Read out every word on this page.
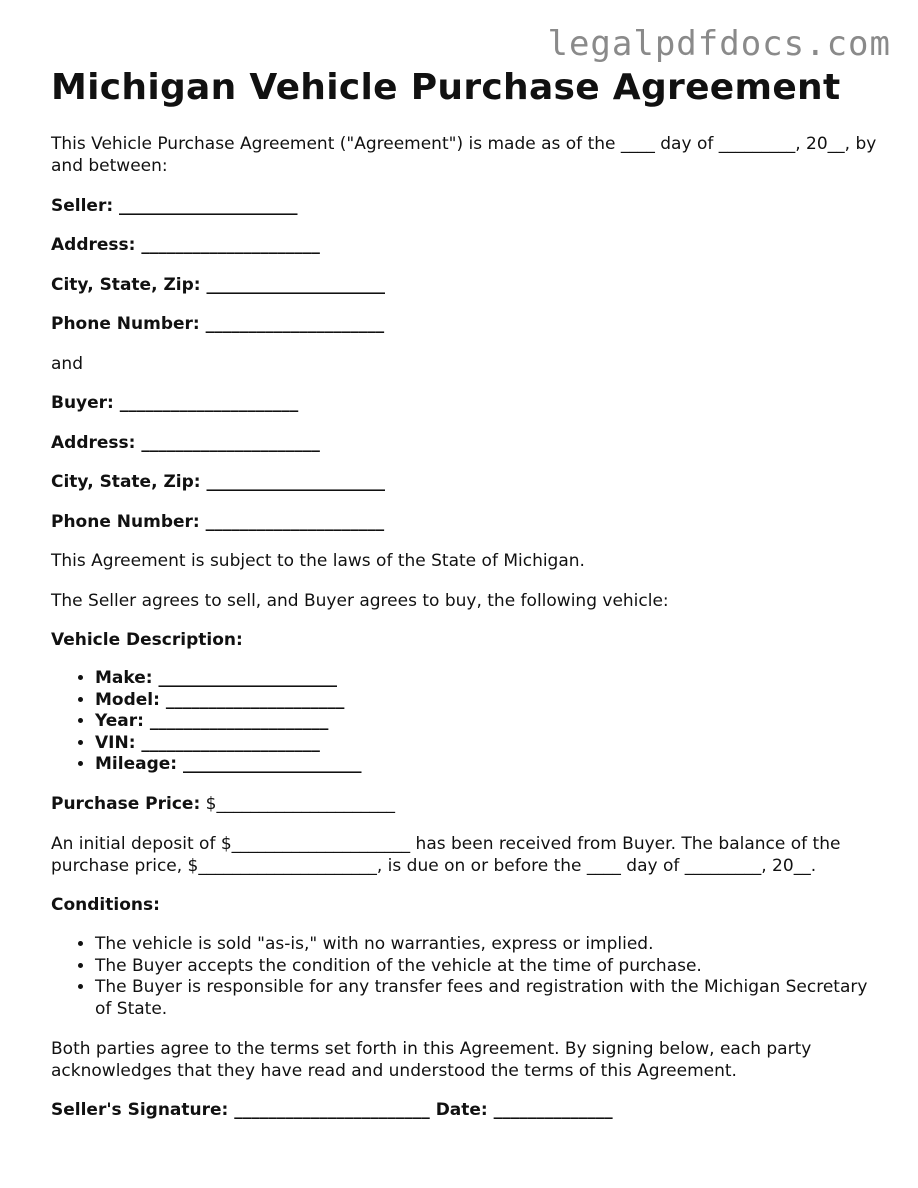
legalpdfdocs.com
Michigan Vehicle Purchase Agreement

This Vehicle Purchase Agreement ("Agreement") is made as of the ____ day of _________, 20__, by and between:

Seller: _____________________

Address: _____________________

City, State, Zip: _____________________

Phone Number: _____________________

and

Buyer: _____________________

Address: _____________________

City, State, Zip: _____________________

Phone Number: _____________________

This Agreement is subject to the laws of the State of Michigan.

The Seller agrees to sell, and Buyer agrees to buy, the following vehicle:

Vehicle Description:

• Make: _____________________
• Model: _____________________
• Year: _____________________
• VIN: _____________________
• Mileage: _____________________

Purchase Price: $_____________________

An initial deposit of $_____________________ has been received from Buyer. The balance of the purchase price, $_____________________, is due on or before the ____ day of _________, 20__.

Conditions:

• The vehicle is sold "as-is," with no warranties, express or implied.
• The Buyer accepts the condition of the vehicle at the time of purchase.
• The Buyer is responsible for any transfer fees and registration with the Michigan Secretary of State.

Both parties agree to the terms set forth in this Agreement. By signing below, each party acknowledges that they have read and understood the terms of this Agreement.

Seller's Signature: _______________________ Date: ______________
